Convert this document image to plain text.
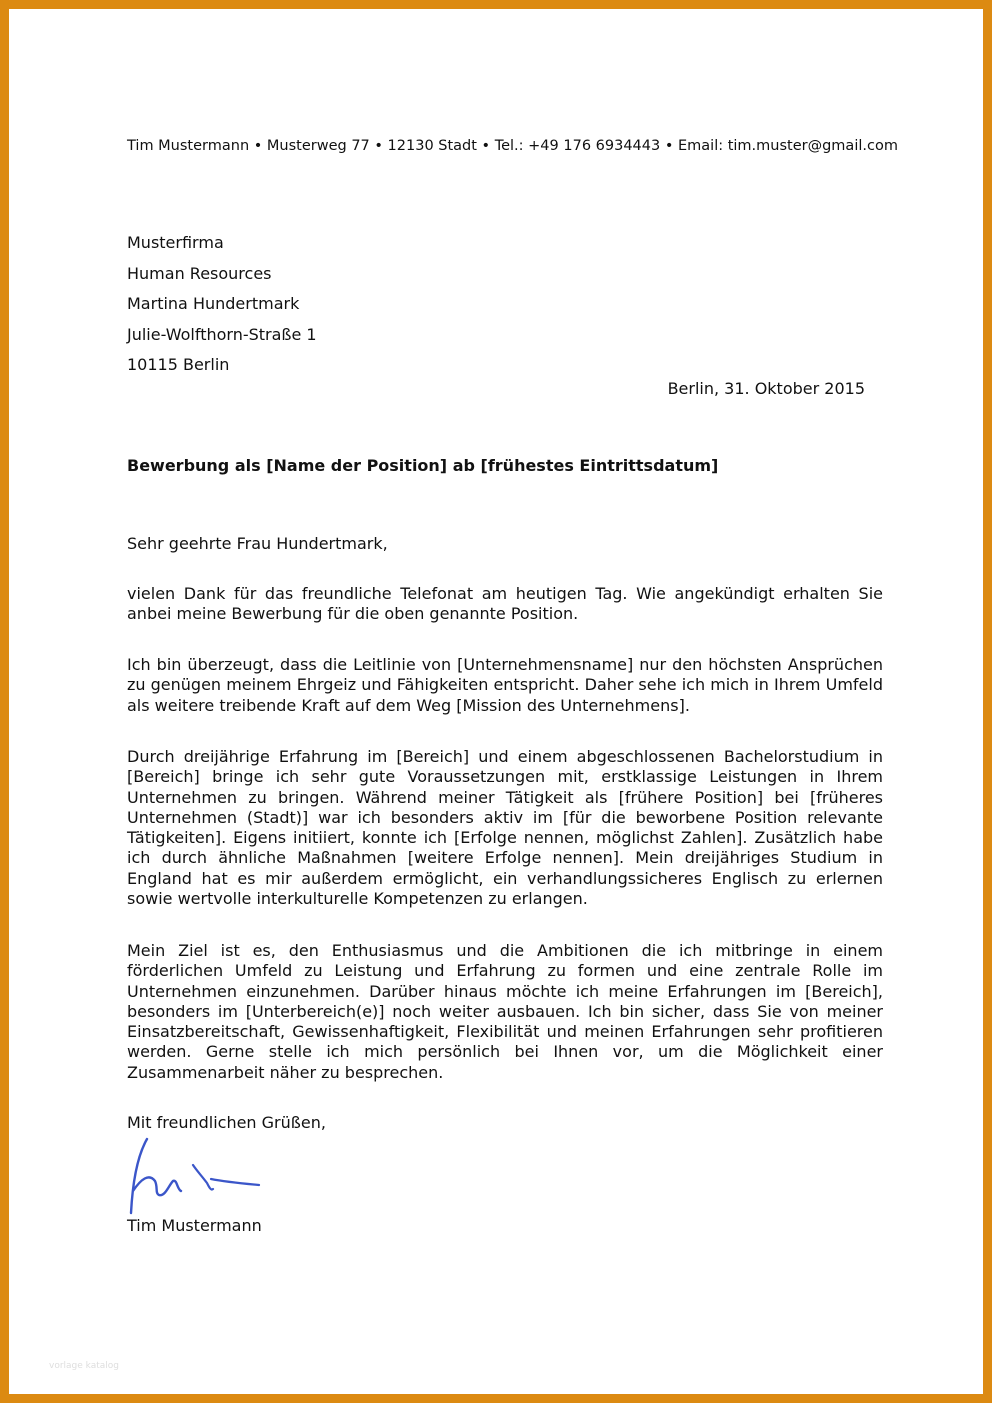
Tim Mustermann • Musterweg 77 • 12130 Stadt • Tel.: +49 176 6934443 • Email: tim.muster@gmail.com
Musterfirma
Human Resources
Martina Hundertmark
Julie-Wolfthorn-Straße 1
10115 Berlin
Berlin, 31. Oktober 2015
Bewerbung als [Name der Position] ab [frühestes Eintrittsdatum]
Sehr geehrte Frau Hundertmark,
vielen Dank für das freundliche Telefonat am heutigen Tag. Wie angekündigt erhalten Sie anbei meine Bewerbung für die oben genannte Position.
Ich bin überzeugt, dass die Leitlinie von [Unternehmensname] nur den höchsten Ansprüchen zu genügen meinem Ehrgeiz und Fähigkeiten entspricht. Daher sehe ich mich in Ihrem Umfeld als weitere treibende Kraft auf dem Weg [Mission des Unternehmens].
Durch dreijährige Erfahrung im [Bereich] und einem abgeschlossenen Bachelorstudium in [Bereich] bringe ich sehr gute Voraussetzungen mit, erstklassige Leistungen in Ihrem Unternehmen zu bringen. Während meiner Tätigkeit als [frühere Position] bei [früheres Unternehmen (Stadt)] war ich besonders aktiv im [für die beworbene Position relevante Tätigkeiten]. Eigens initiiert, konnte ich [Erfolge nennen, möglichst Zahlen]. Zusätzlich habe ich durch ähnliche Maßnahmen [weitere Erfolge nennen]. Mein dreijähriges Studium in England hat es mir außerdem ermöglicht, ein verhandlungssicheres Englisch zu erlernen sowie wertvolle interkulturelle Kompetenzen zu erlangen.
Mein Ziel ist es, den Enthusiasmus und die Ambitionen die ich mitbringe in einem förderlichen Umfeld zu Leistung und Erfahrung zu formen und eine zentrale Rolle im Unternehmen einzunehmen. Darüber hinaus möchte ich meine Erfahrungen im [Bereich], besonders im [Unterbereich(e)] noch weiter ausbauen. Ich bin sicher, dass Sie von meiner Einsatzbereitschaft, Gewissenhaftigkeit, Flexibilität und meinen Erfahrungen sehr profitieren werden. Gerne stelle ich mich persönlich bei Ihnen vor, um die Möglichkeit einer Zusammenarbeit näher zu besprechen.
Mit freundlichen Grüßen,
Tim Mustermann
vorlage katalog
